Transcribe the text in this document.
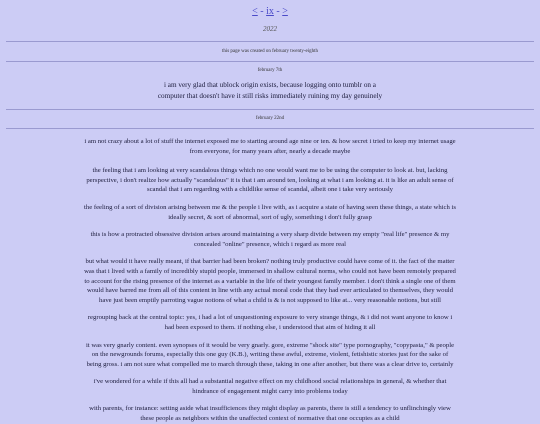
< - ix - >
2022
this page was created on february twenty-eighth
february 7th

i am very glad that ublock origin exists, because logging onto tumblr on a computer that doesn't have it still risks immediately ruining my day genuinely

february 22nd

i am not crazy about a lot of stuff the internet exposed me to starting around age nine or ten. & how secret i tried to keep my internet usage from everyone, for many years after, nearly a decade maybe

the feeling that i am looking at very scandalous things which no one would want me to be using the computer to look at. but, lacking perspective, i don't realize how actually "scandalous" it is that i am around ten, looking at what i am looking at. it is like an adult sense of scandal that i am regarding with a childlike sense of scandal, albeit one i take very seriously

the feeling of a sort of division arising between me & the people i live with, as i acquire a state of having seen these things, a state which is ideally secret, & sort of abnormal, sort of ugly, something i don't fully grasp

this is how a protracted obsessive division arises around maintaining a very sharp divide between my empty "real life" presence & my concealed "online" presence, which i regard as more real

but what would it have really meant, if that barrier had been broken? nothing truly productive could have come of it. the fact of the matter was that i lived with a family of incredibly stupid people, immersed in shallow cultural norms, who could not have been remotely prepared to account for the rising presence of the internet as a variable in the life of their youngest family member. i don't think a single one of them would have barred me from all of this content in line with any actual moral code that they had ever articulated to themselves, they would have just been emptily parroting vague notions of what a child is & is not supposed to like at... very reasonable notions, but still

regrouping back at the central topic: yes, i had a lot of unquestioning exposure to very strange things, & i did not want anyone to know i had been exposed to them. if nothing else, i understood that aim of hiding it all

it was very gnarly content. even synopses of it would be very gnarly. gore, extreme "shock site" type pornography, "copypasta," & people on the newgrounds forums, especially this one guy (K.B.), writing these awful, extreme, violent, fetishistic stories just for the sake of being gross. i am not sure what compelled me to march through these, taking in one after another, but there was a clear drive to, certainly

i've wondered for a while if this all had a substantial negative effect on my childhood social relationships in general, & whether that hindrance of engagement might carry into problems today

with parents, for instance: setting aside what insufficiences they might display as parents, there is still a tendency to unflinchingly view these people as neighbors within the unaffected context of normative that one occupies as a child
